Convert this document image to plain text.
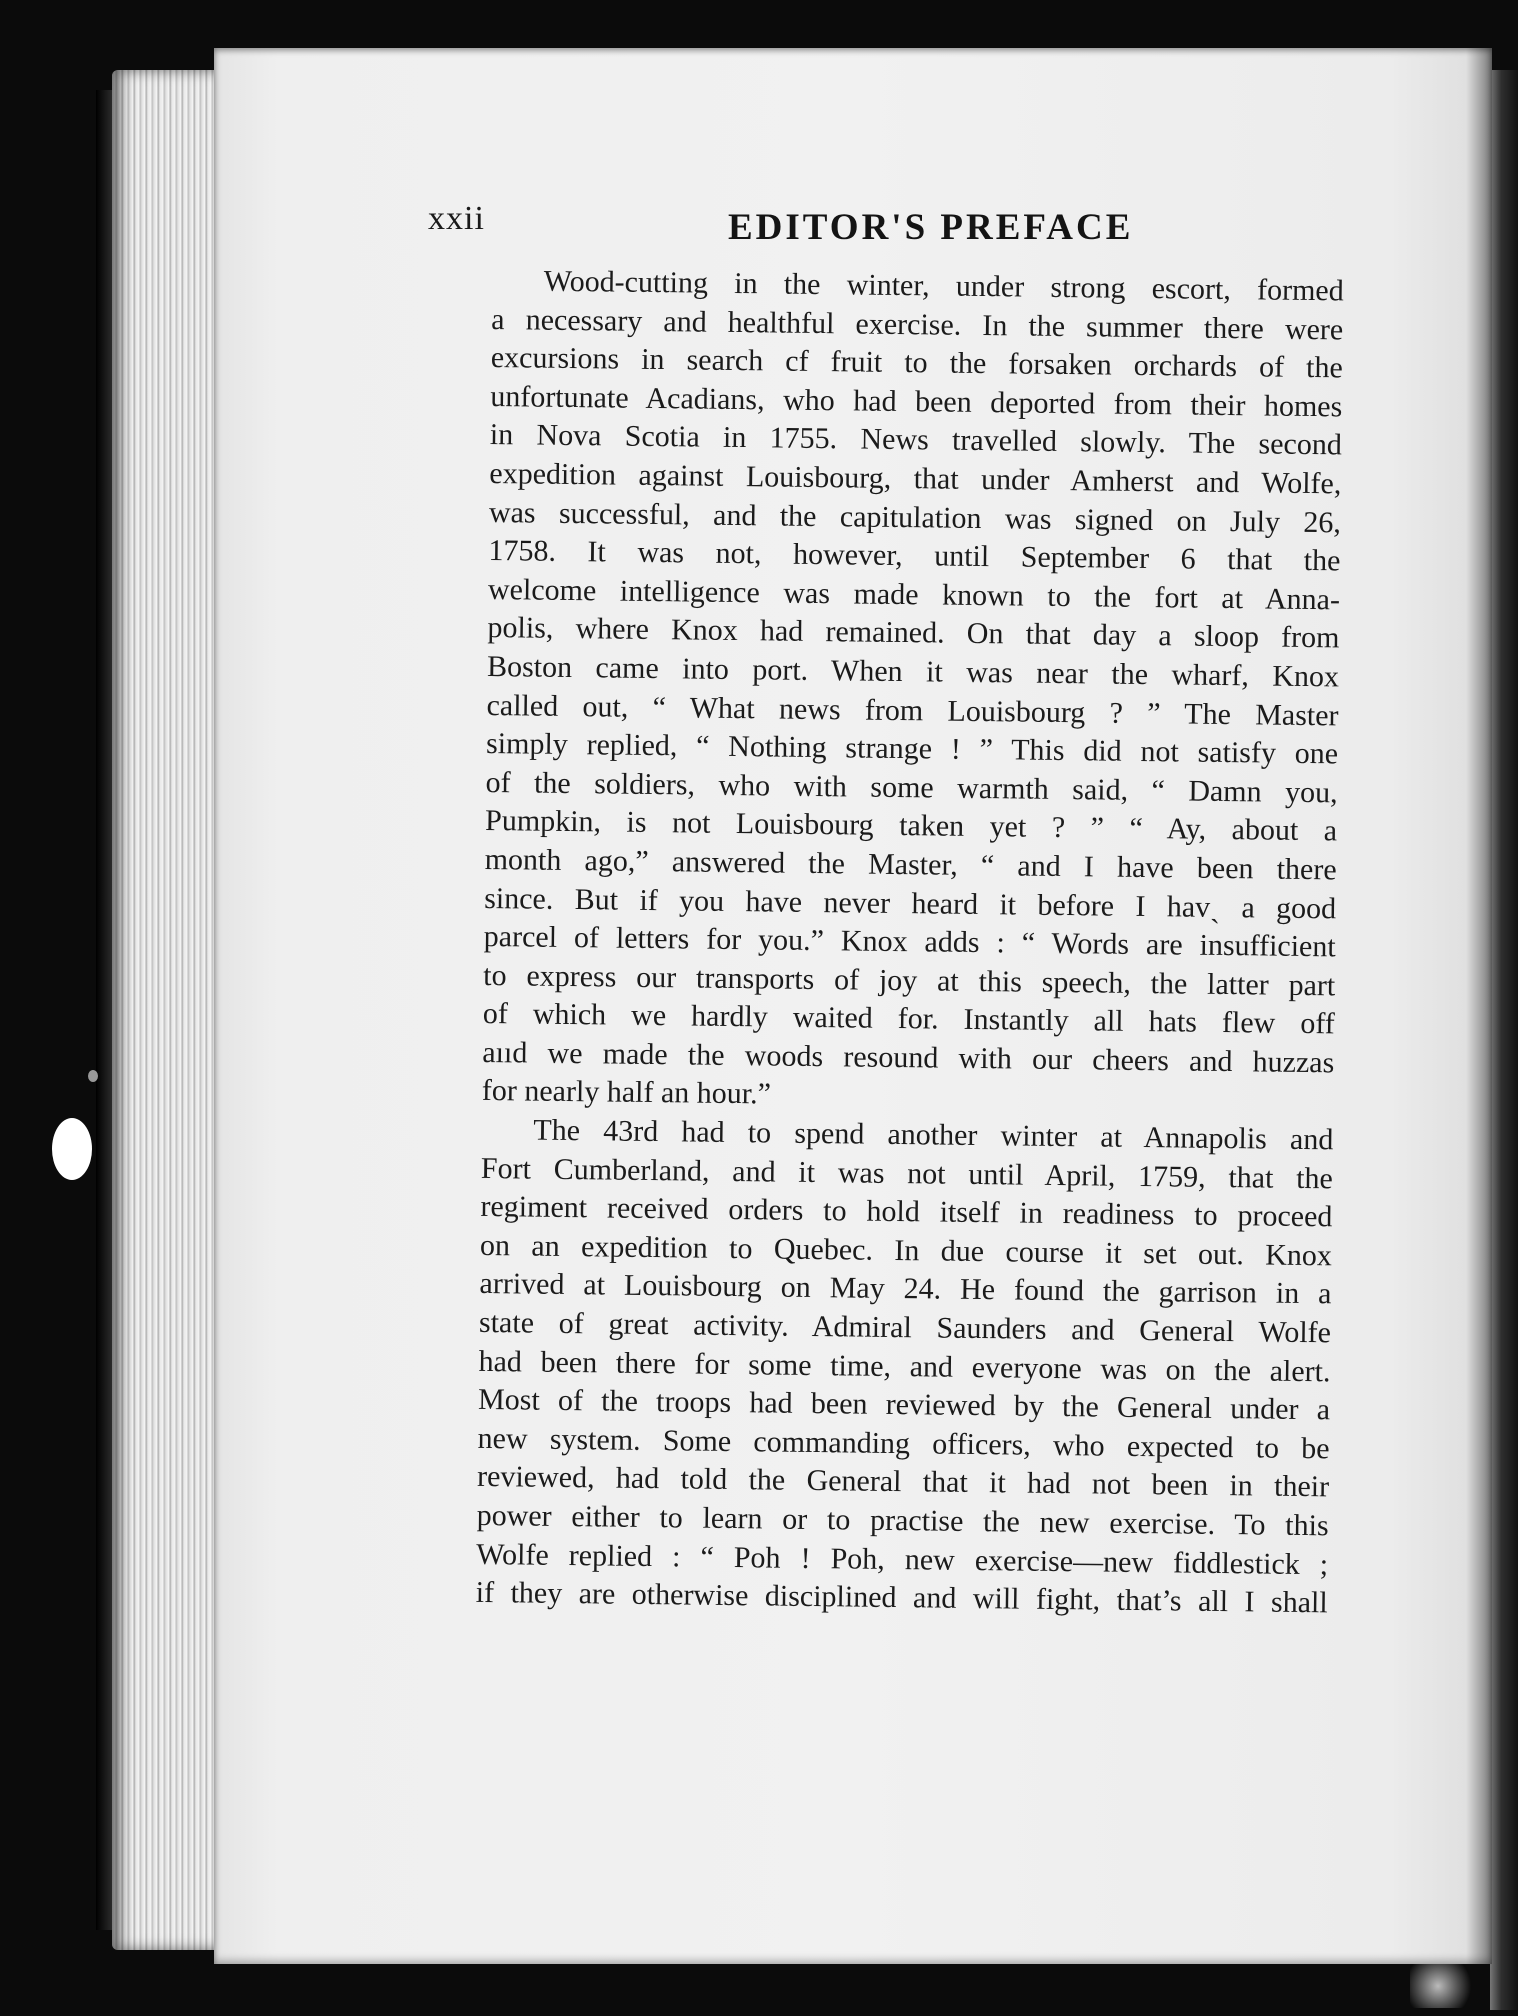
xxii	EDITOR'S PREFACE

Wood-cutting in the winter, under strong escort, formed
a necessary and healthful exercise. In the summer there were
excursions in search cf fruit to the forsaken orchards of the
unfortunate Acadians, who had been deported from their homes
in Nova Scotia in 1755. News travelled slowly. The second
expedition against Louisbourg, that under Amherst and Wolfe,
was successful, and the capitulation was signed on July 26,
1758. It was not, however, until September 6 that the
welcome intelligence was made known to the fort at Anna-
polis, where Knox had remained. On that day a sloop from
Boston came into port. When it was near the wharf, Knox
called out, “ What news from Louisbourg ? ” The Master
simply replied, “ Nothing strange ! ” This did not satisfy one
of the soldiers, who with some warmth said, “ Damn you,
Pumpkin, is not Louisbourg taken yet ? ” “ Ay, about a
month ago,” answered the Master, “ and I have been there
since. But if you have never heard it before I havˏ a good
parcel of letters for you.” Knox adds : “ Words are insufficient
to express our transports of joy at this speech, the latter part
of which we hardly waited for. Instantly all hats flew off
aııd we made the woods resound with our cheers and huzzas
for nearly half an hour.”

The 43rd had to spend another winter at Annapolis and
Fort Cumberland, and it was not until April, 1759, that the
regiment received orders to hold itself in readiness to proceed
on an expedition to Quebec. In due course it set out. Knox
arrived at Louisbourg on May 24. He found the garrison in a
state of great activity. Admiral Saunders and General Wolfe
had been there for some time, and everyone was on the alert.
Most of the troops had been reviewed by the General under a
new system. Some commanding officers, who expected to be
reviewed, had told the General that it had not been in their
power either to learn or to practise the new exercise. To this
Wolfe replied : “ Poh ! Poh, new exercise—new fiddlestick ;
if they are otherwise disciplined and will fight, that’s all I shall
